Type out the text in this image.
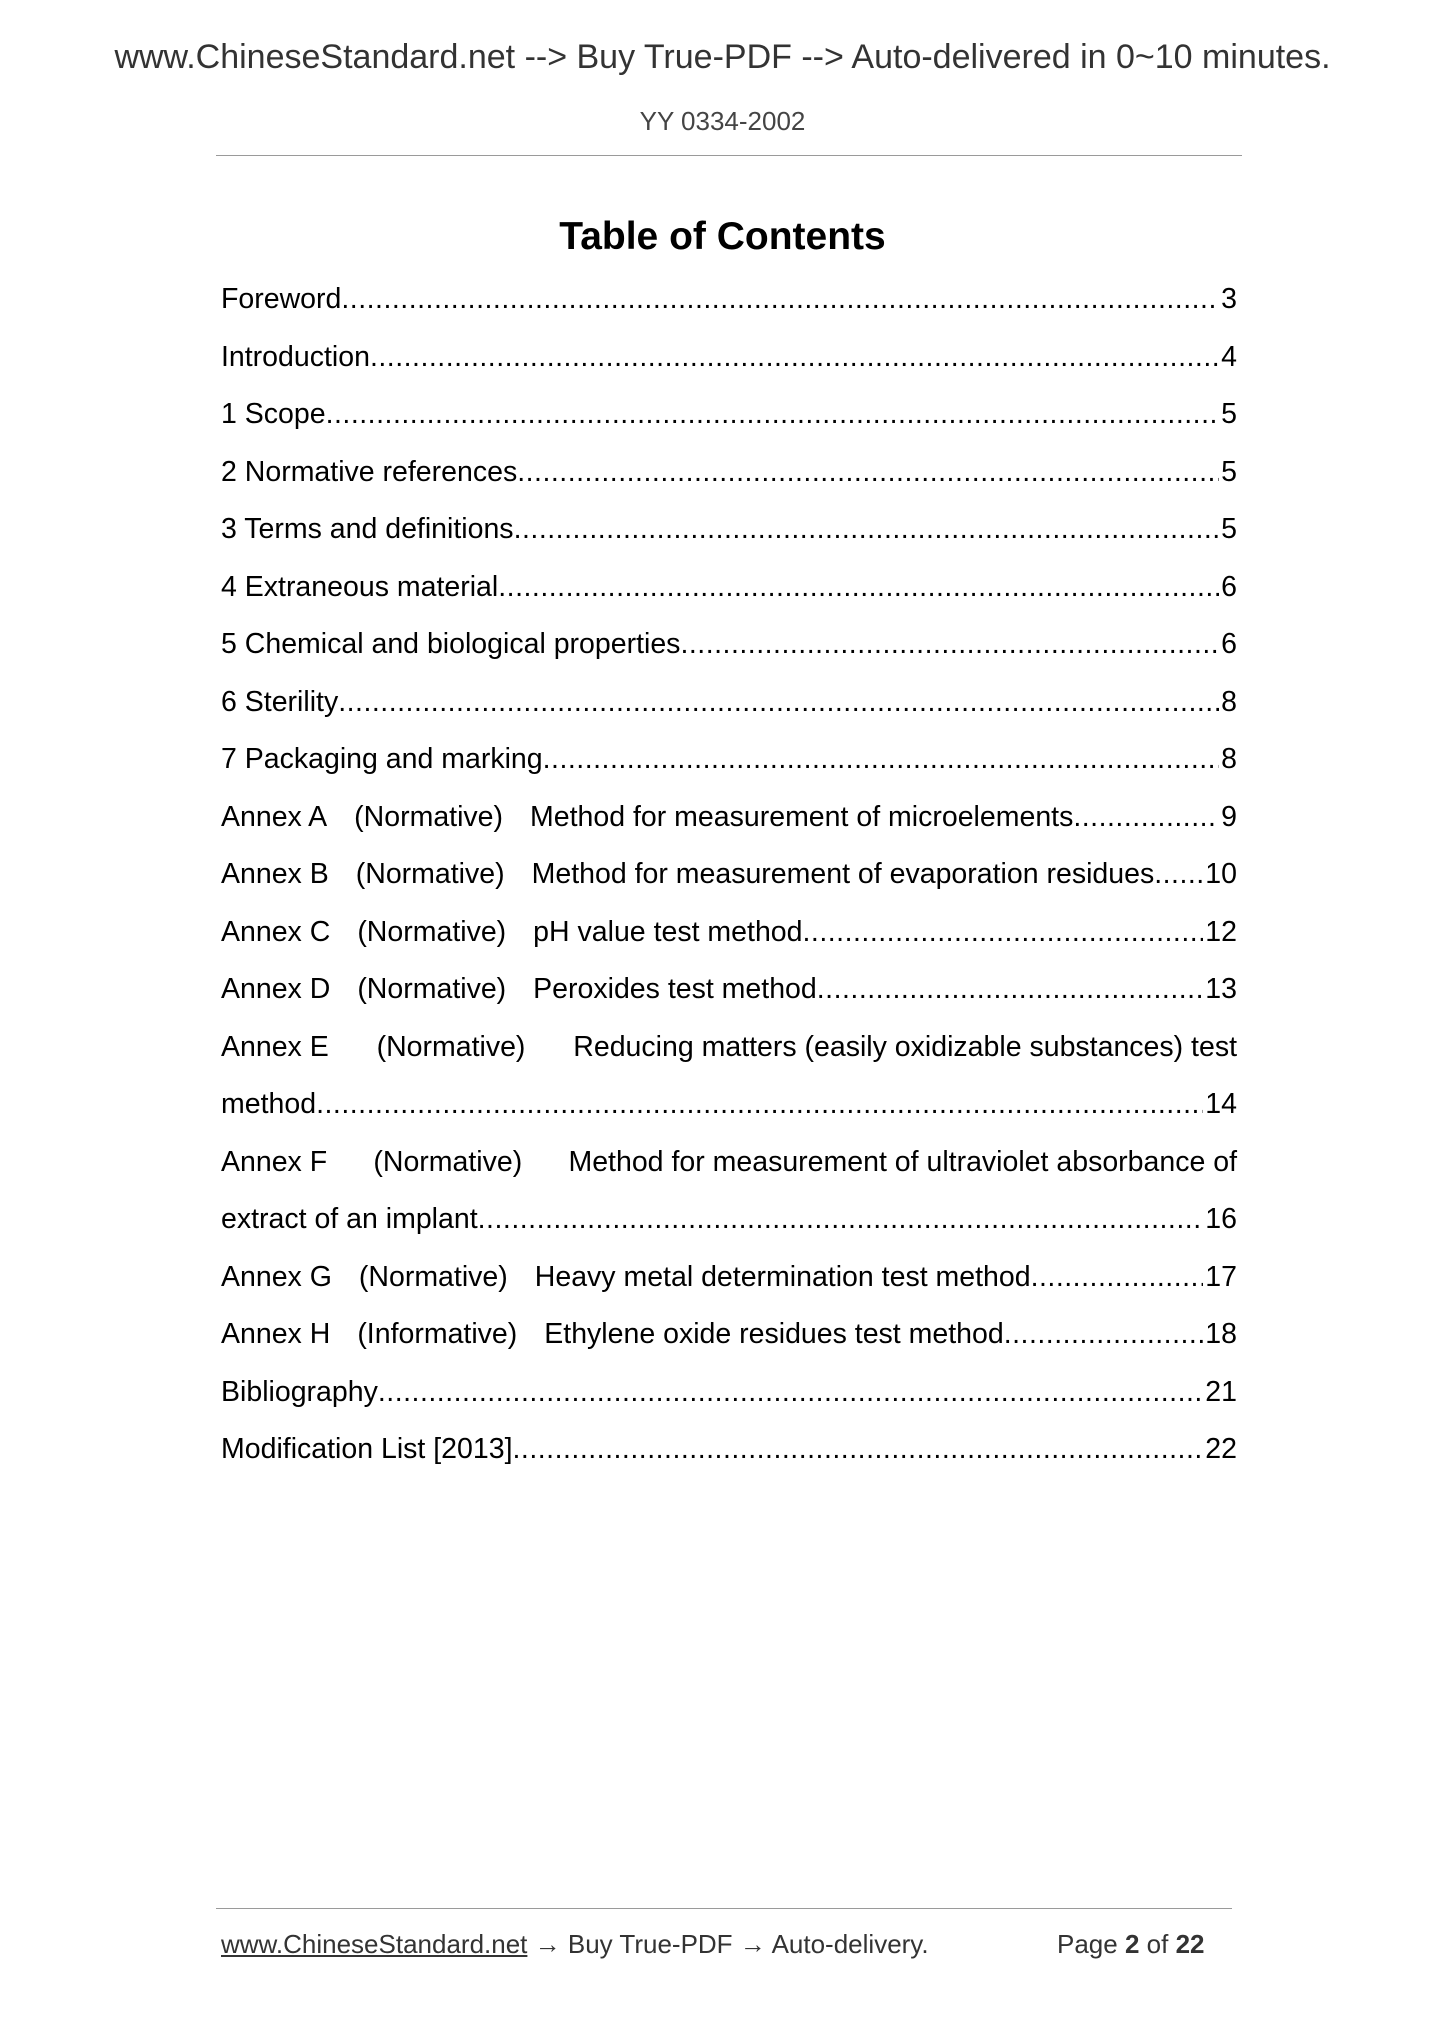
www.ChineseStandard.net --> Buy True-PDF --> Auto-delivered in 0~10 minutes.
YY 0334-2002
Table of Contents
Foreword .....	3
Introduction .....	4
1 Scope .....	5
2 Normative references .....	5
3 Terms and definitions .....	5
4 Extraneous material .....	6
5 Chemical and biological properties .....	6
6 Sterility .....	8
7 Packaging and marking .....	8
Annex A (Normative) Method for measurement of microelements .....	9
Annex B (Normative) Method for measurement of evaporation residues ..... 10
Annex C (Normative) pH value test method .....	12
Annex D (Normative) Peroxides test method .....	13
Annex E (Normative) Reducing matters (easily oxidizable substances) test
method .....	14
Annex F (Normative) Method for measurement of ultraviolet absorbance of
extract of an implant .....	16
Annex G (Normative) Heavy metal determination test method .....	17
Annex H (Informative) Ethylene oxide residues test method .....	18
Bibliography .....	21
Modification List [2013] .....	22
www.ChineseStandard.net → Buy True-PDF → Auto-delivery.	Page 2 of 22
